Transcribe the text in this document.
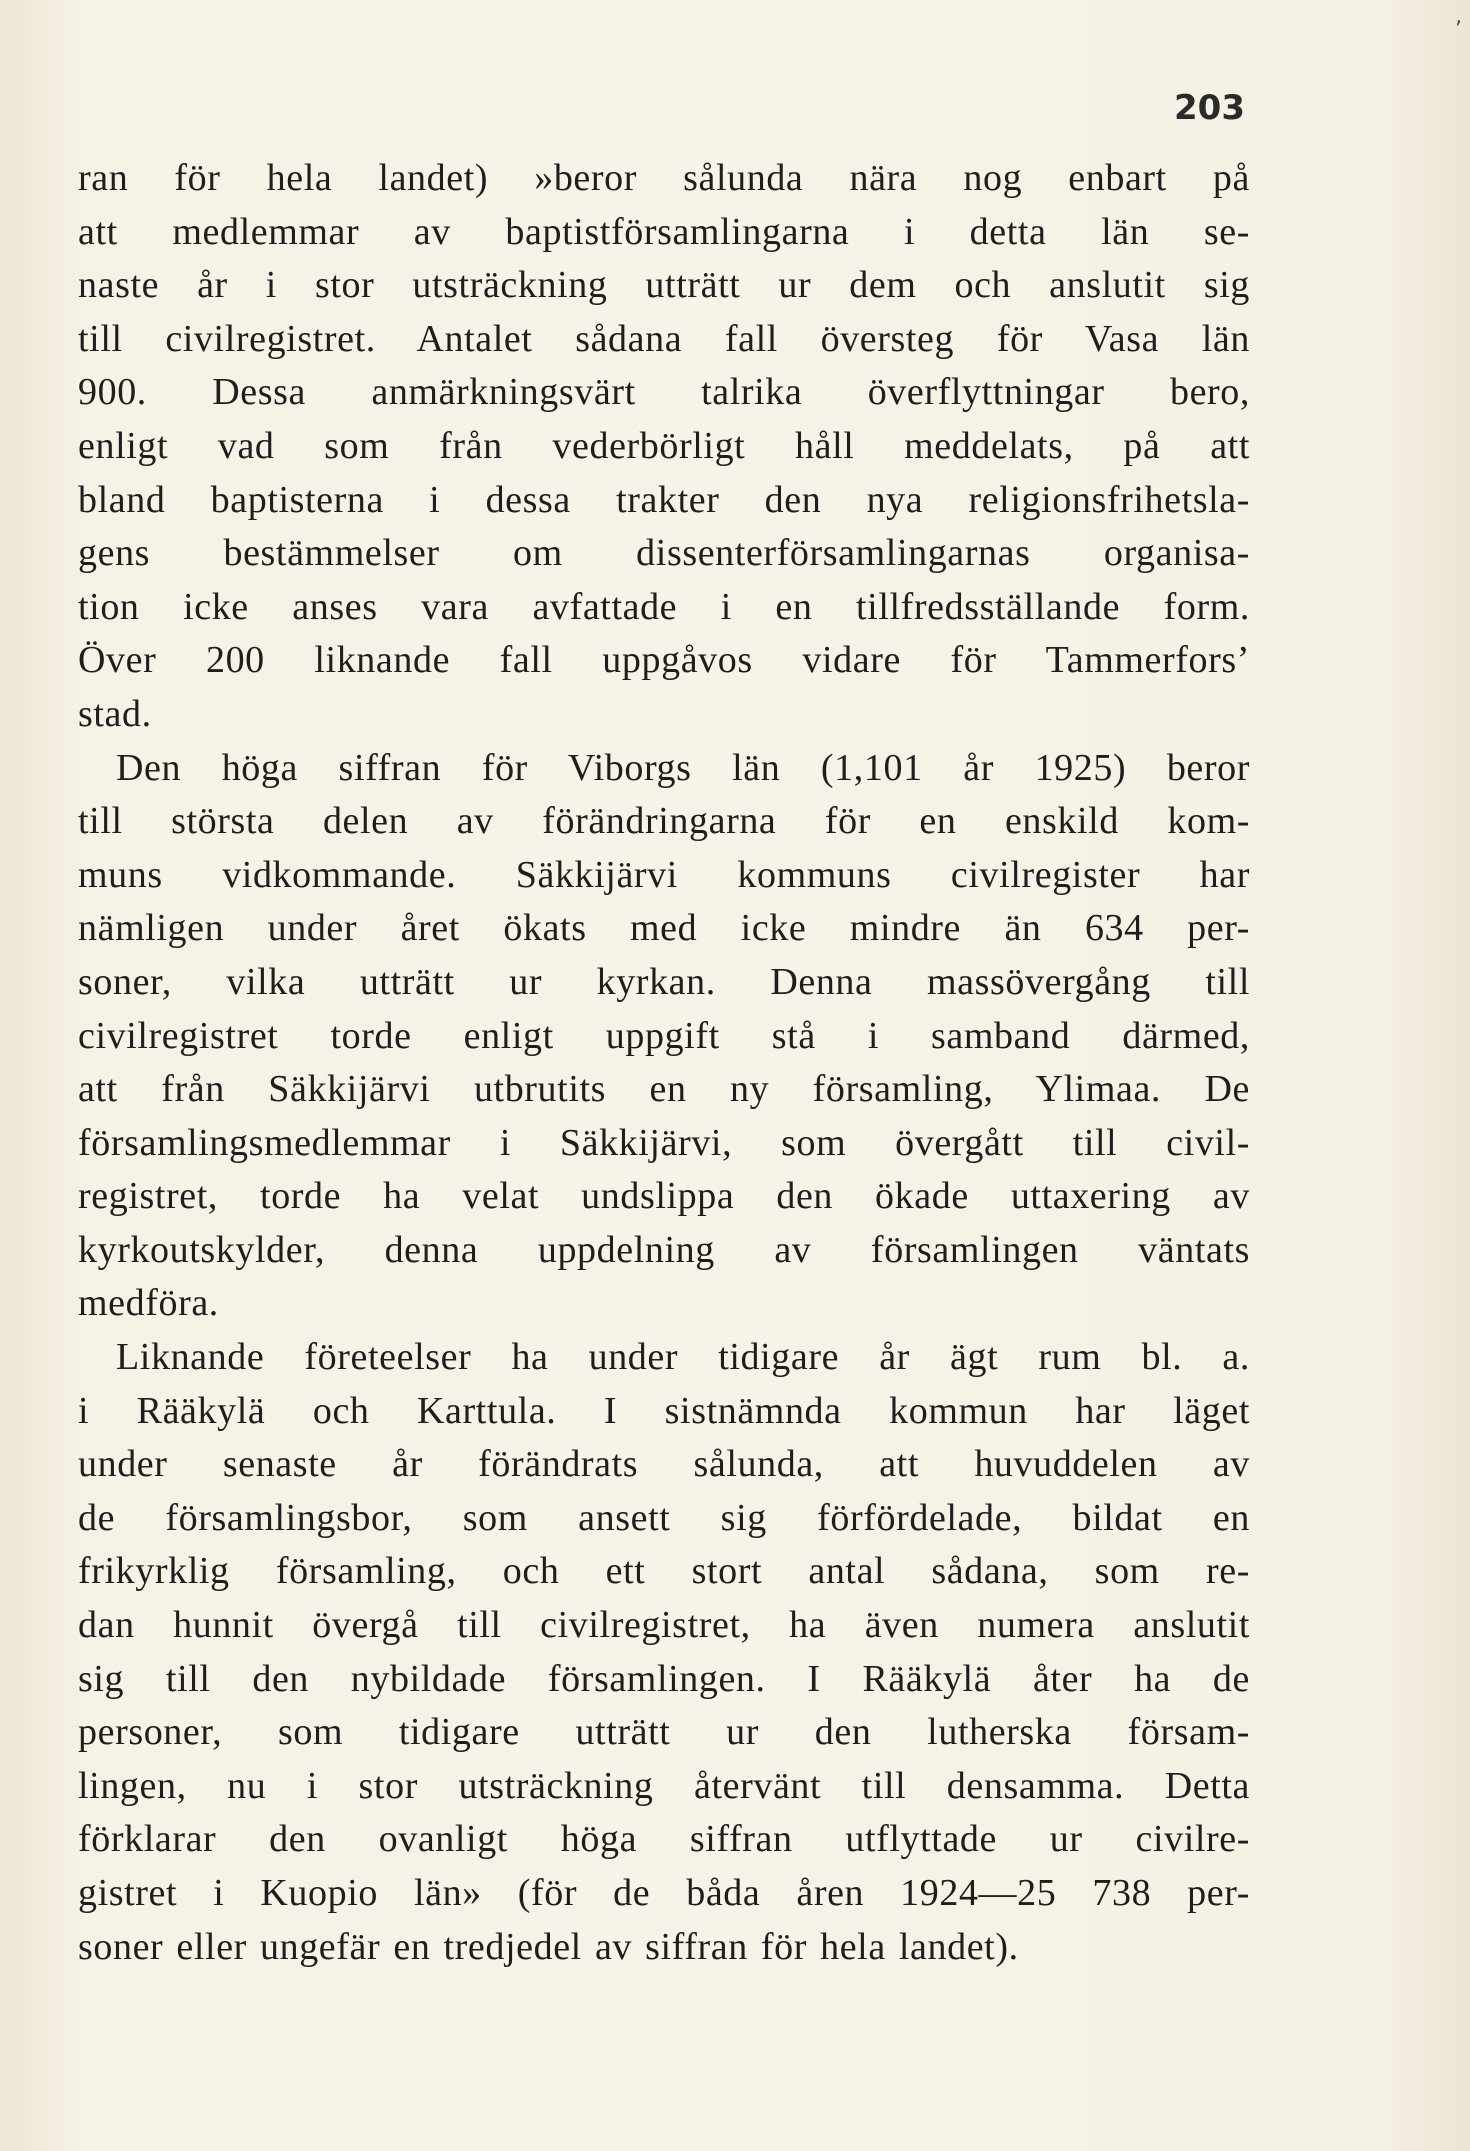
‚
203
ran för hela landet) »beror sålunda nära nog enbart på
att medlemmar av baptistförsamlingarna i detta län se-
naste år i stor utsträckning utträtt ur dem och anslutit sig
till civilregistret. Antalet sådana fall översteg för Vasa län
900. Dessa anmärkningsvärt talrika överflyttningar bero,
enligt vad som från vederbörligt håll meddelats, på att
bland baptisterna i dessa trakter den nya religionsfrihetsla-
gens bestämmelser om dissenterförsamlingarnas organisa-
tion icke anses vara avfattade i en tillfredsställande form.
Över 200 liknande fall uppgåvos vidare för Tammerfors’
stad.
Den höga siffran för Viborgs län (1,101 år 1925) beror
till största delen av förändringarna för en enskild kom-
muns vidkommande. Säkkijärvi kommuns civilregister har
nämligen under året ökats med icke mindre än 634 per-
soner, vilka utträtt ur kyrkan. Denna massövergång till
civilregistret torde enligt uppgift stå i samband därmed,
att från Säkkijärvi utbrutits en ny församling, Ylimaa. De
församlingsmedlemmar i Säkkijärvi, som övergått till civil-
registret, torde ha velat undslippa den ökade uttaxering av
kyrkoutskylder, denna uppdelning av församlingen väntats
medföra.
Liknande företeelser ha under tidigare år ägt rum bl. a.
i Rääkylä och Karttula. I sistnämnda kommun har läget
under senaste år förändrats sålunda, att huvuddelen av
de församlingsbor, som ansett sig förfördelade, bildat en
frikyrklig församling, och ett stort antal sådana, som re-
dan hunnit övergå till civilregistret, ha även numera anslutit
sig till den nybildade församlingen. I Rääkylä åter ha de
personer, som tidigare utträtt ur den lutherska försam-
lingen, nu i stor utsträckning återvänt till densamma. Detta
förklarar den ovanligt höga siffran utflyttade ur civilre-
gistret i Kuopio län» (för de båda åren 1924—25 738 per-
soner eller ungefär en tredjedel av siffran för hela landet).
